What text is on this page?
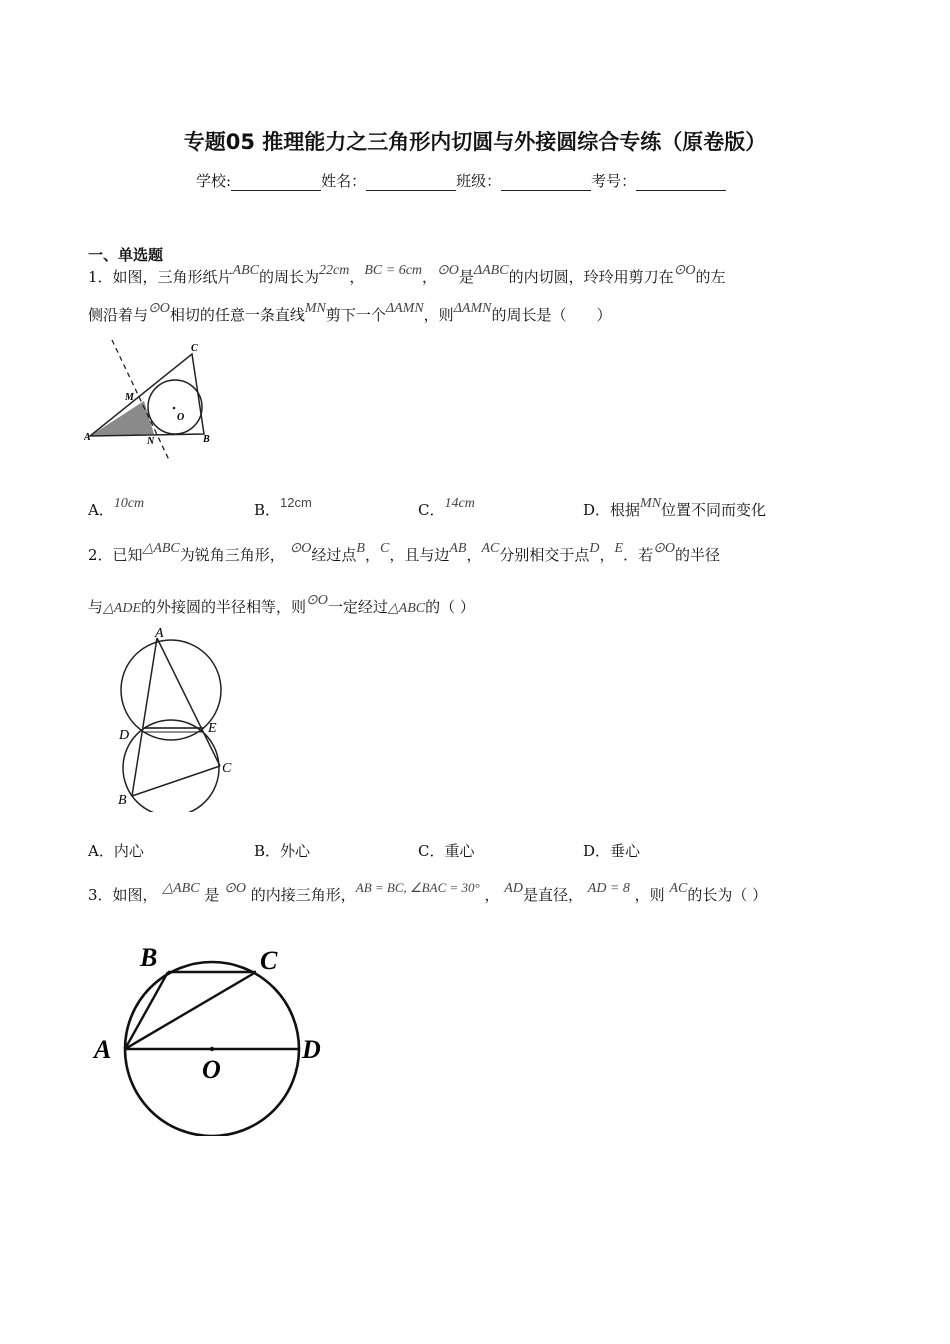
专题05 推理能力之三角形内切圆与外接圆综合专练（原卷版）
学校:	姓名：	班级：	考号：
一、单选题
1．如图，三角形纸片ABC的周长为22cm，BC = 6cm，⊙O是ΔABC的内切圆，玲玲用剪刀在⊙O的左
侧沿着与⊙O相切的任意一条直线MN剪下一个ΔAMN，则ΔAMN的周长是（　　）
A	B
C
M
N
O
A．10cm	B．12cm	C．14cm	D．根据MN位置不同而变化
2．已知△ABC为锐角三角形， ⊙O经过点B，C，且与边AB，AC分别相交于点D，E．若⊙O的半径
与△ADE的外接圆的半径相等，则⊙O一定经过△ABC的（ ）
A
B
C
D	E
A．内心	B．外心	C．重心	D．垂心
3．如图， △ABC 是 ⊙O 的内接三角形，AB = BC, ∠BAC = 30° ， AD是直径， AD = 8 ，则 AC的长为（ ）
A
B	C
D
O
